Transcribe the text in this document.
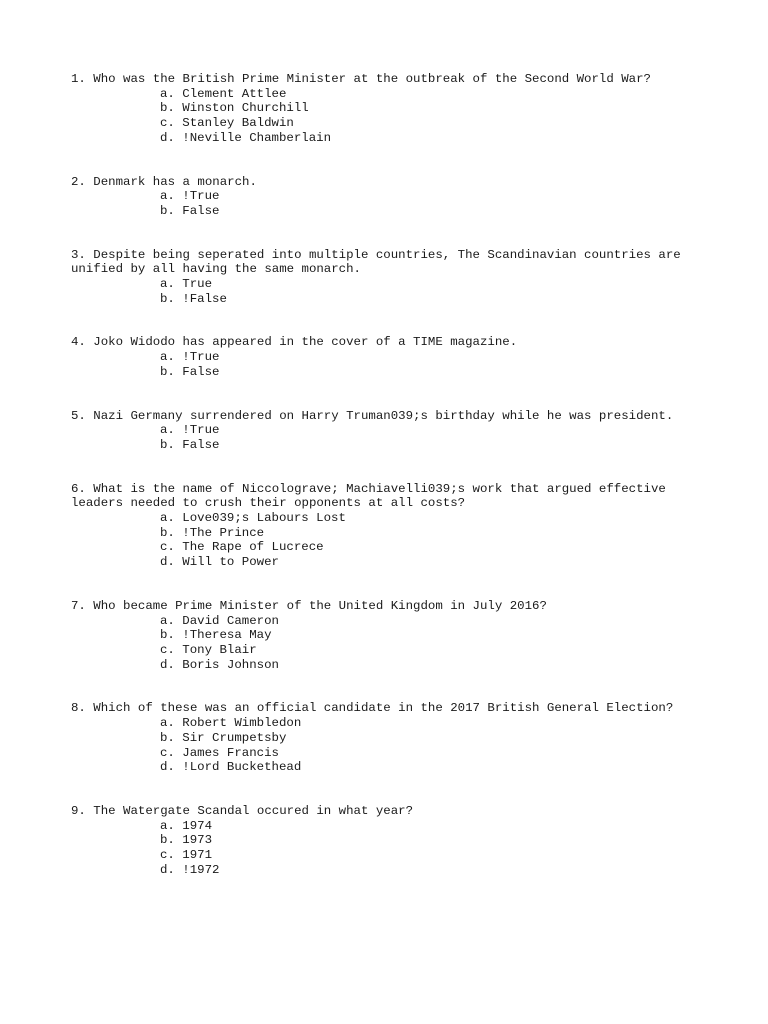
1. Who was the British Prime Minister at the outbreak of the Second World War?
a. Clement Attlee
b. Winston Churchill
c. Stanley Baldwin
d. !Neville Chamberlain
2. Denmark has a monarch.
a. !True
b. False
3. Despite being seperated into multiple countries, The Scandinavian countries are unified by all having the same monarch.
a. True
b. !False
4. Joko Widodo has appeared in the cover of a TIME magazine.
a. !True
b. False
5. Nazi Germany surrendered on Harry Truman039;s birthday while he was president.
a. !True
b. False
6. What is the name of Niccolograve; Machiavelli039;s work that argued effective leaders needed to crush their opponents at all costs?
a. Love039;s Labours Lost
b. !The Prince
c. The Rape of Lucrece
d. Will to Power
7. Who became Prime Minister of the United Kingdom in July 2016?
a. David Cameron
b. !Theresa May
c. Tony Blair
d. Boris Johnson
8. Which of these was an official candidate in the 2017 British General Election?
a. Robert Wimbledon
b. Sir Crumpetsby
c. James Francis
d. !Lord Buckethead
9. The Watergate Scandal occured in what year?
a. 1974
b. 1973
c. 1971
d. !1972
